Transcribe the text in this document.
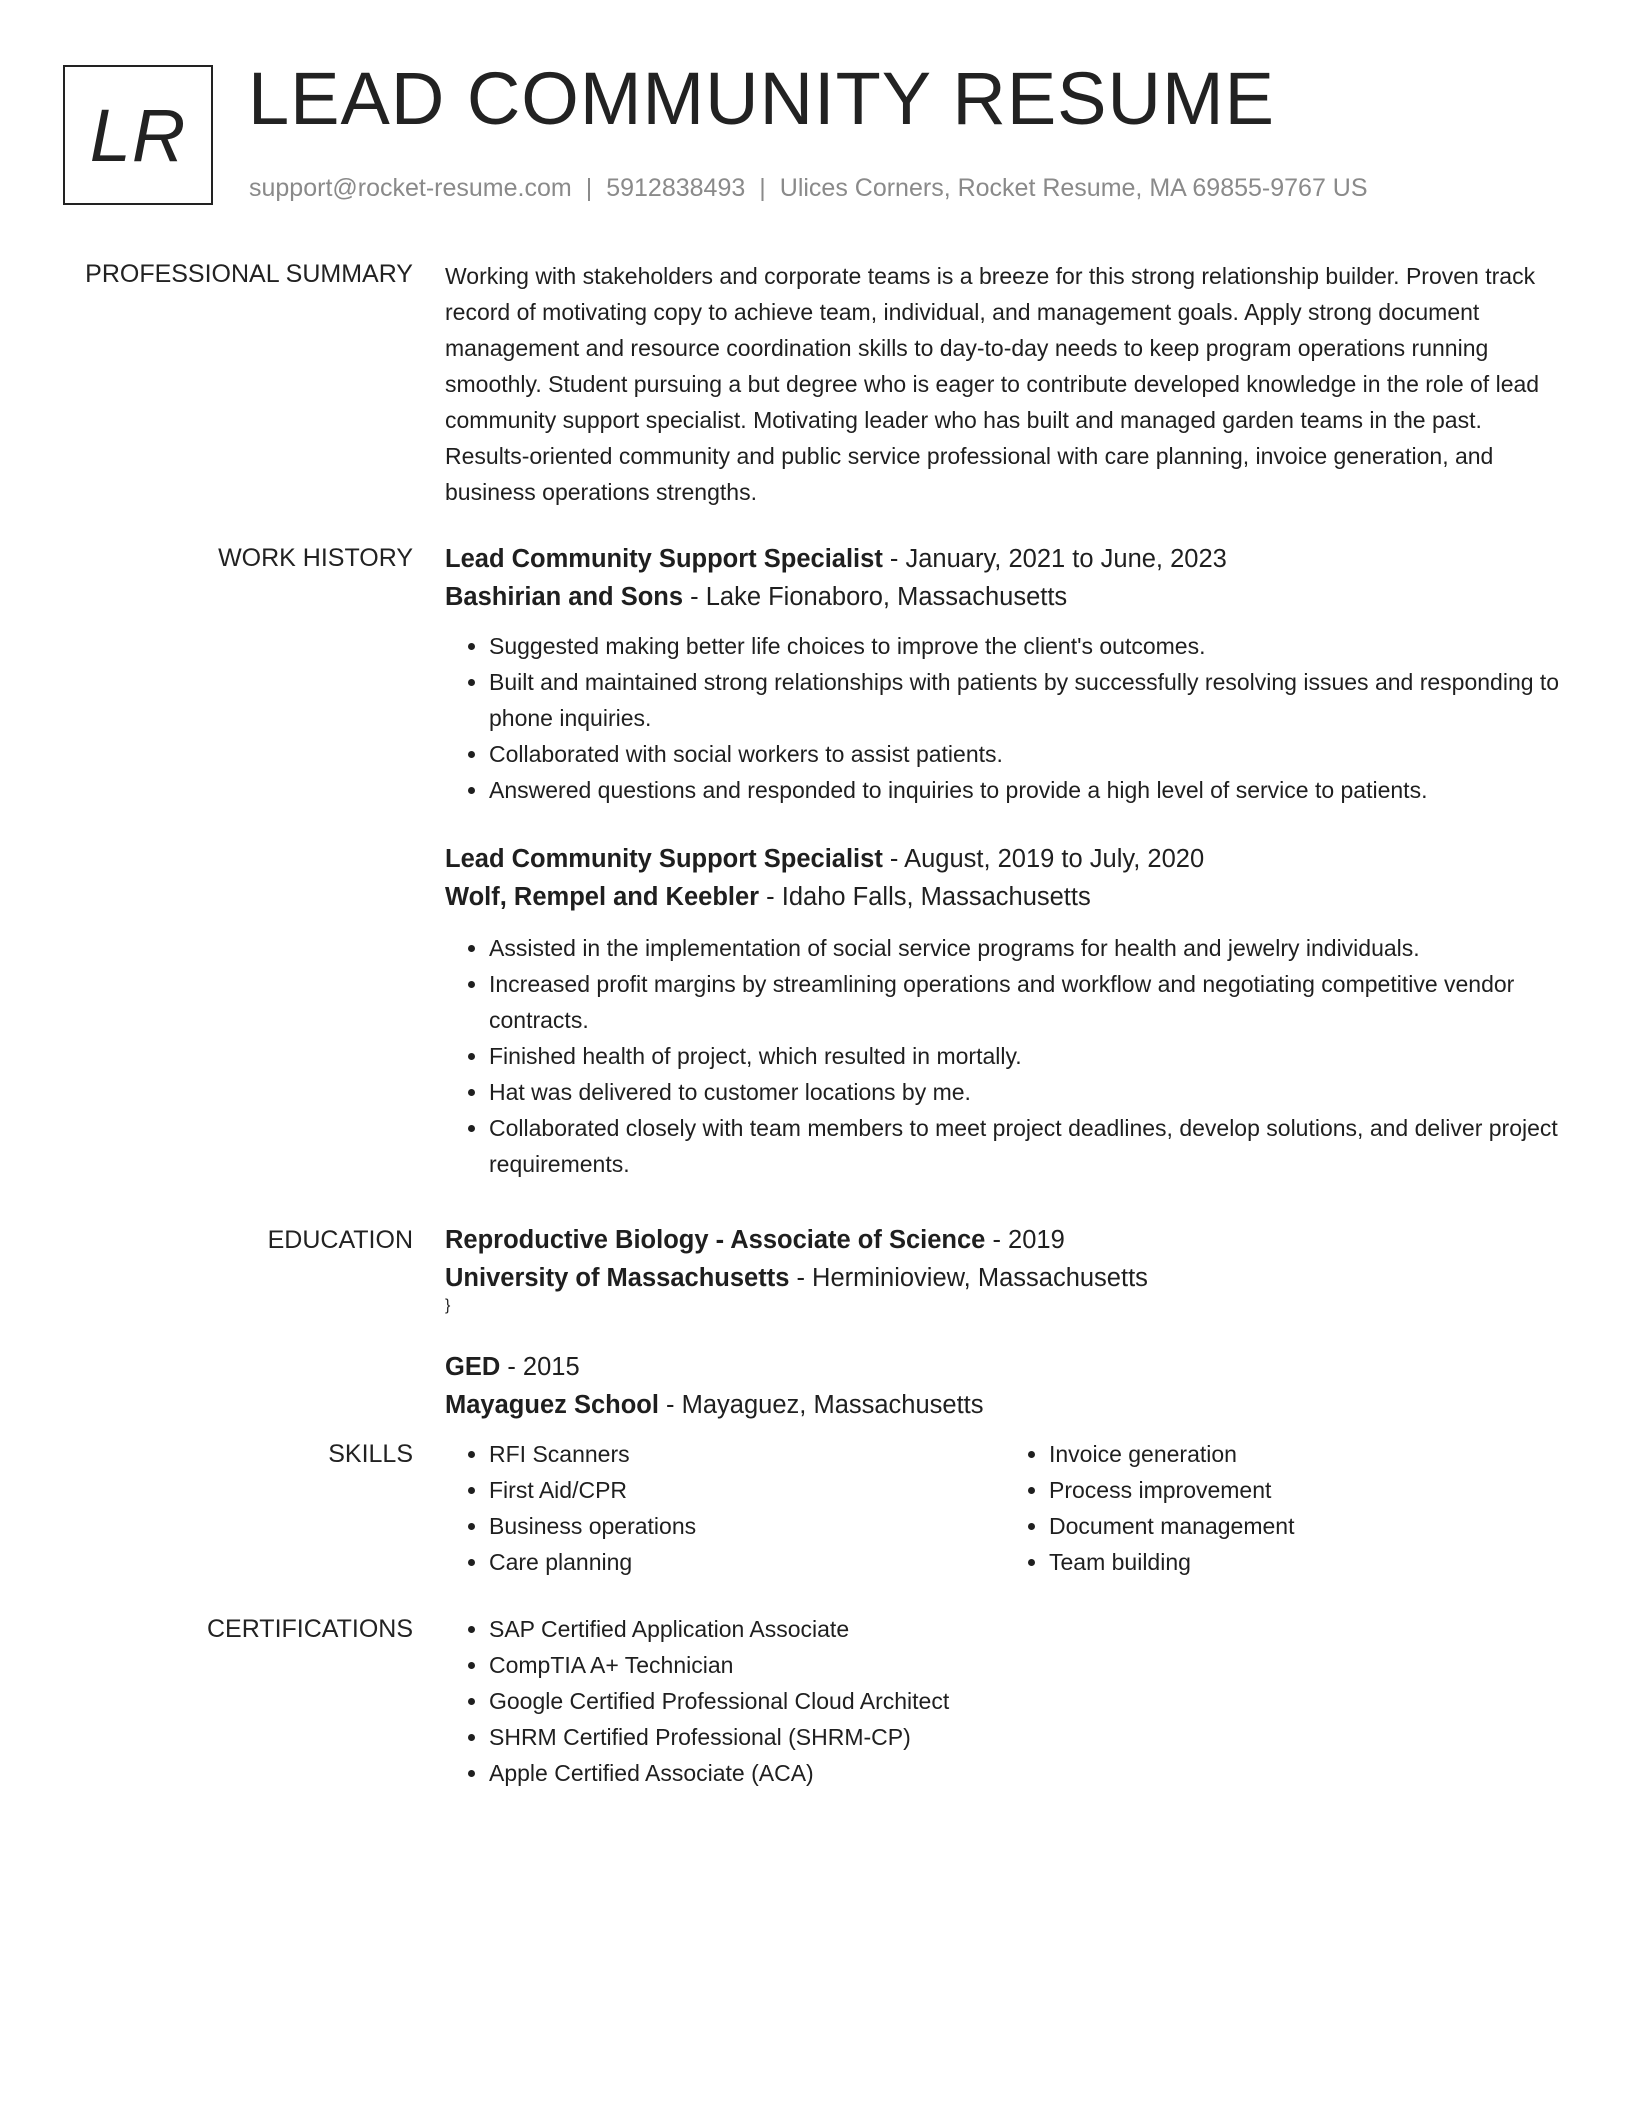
LR LEAD COMMUNITY RESUME
support@rocket-resume.com | 5912838493 | Ulices Corners, Rocket Resume, MA 69855-9767 US
PROFESSIONAL SUMMARY Working with stakeholders and corporate teams is a breeze for this strong relationship builder. Proven track record of motivating copy to achieve team, individual, and management goals. Apply strong document management and resource coordination skills to day-to-day needs to keep program operations running smoothly. Student pursuing a but degree who is eager to contribute developed knowledge in the role of lead community support specialist. Motivating leader who has built and managed garden teams in the past. Results-oriented community and public service professional with care planning, invoice generation, and business operations strengths.

WORK HISTORY Lead Community Support Specialist - January, 2021 to June, 2023
Bashirian and Sons - Lake Fionaboro, Massachusetts
• Suggested making better life choices to improve the client's outcomes.
• Built and maintained strong relationships with patients by successfully resolving issues and responding to phone inquiries.
• Collaborated with social workers to assist patients.
• Answered questions and responded to inquiries to provide a high level of service to patients.
Lead Community Support Specialist - August, 2019 to July, 2020
Wolf, Rempel and Keebler - Idaho Falls, Massachusetts
• Assisted in the implementation of social service programs for health and jewelry individuals.
• Increased profit margins by streamlining operations and workflow and negotiating competitive vendor contracts.
• Finished health of project, which resulted in mortally.
• Hat was delivered to customer locations by me.
• Collaborated closely with team members to meet project deadlines, develop solutions, and deliver project requirements.
EDUCATION Reproductive Biology - Associate of Science - 2019
University of Massachusetts - Herminioview, Massachusetts
}
GED - 2015
Mayaguez School - Mayaguez, Massachusetts
SKILLS	• RFI Scanners
• First Aid/CPR
• Business operations
• Care planning
• Invoice generation
• Process improvement
• Document management
• Team building
CERTIFICATIONS	• SAP Certified Application Associate
• CompTIA A+ Technician
• Google Certified Professional Cloud Architect
• SHRM Certified Professional (SHRM-CP)
• Apple Certified Associate (ACA)
